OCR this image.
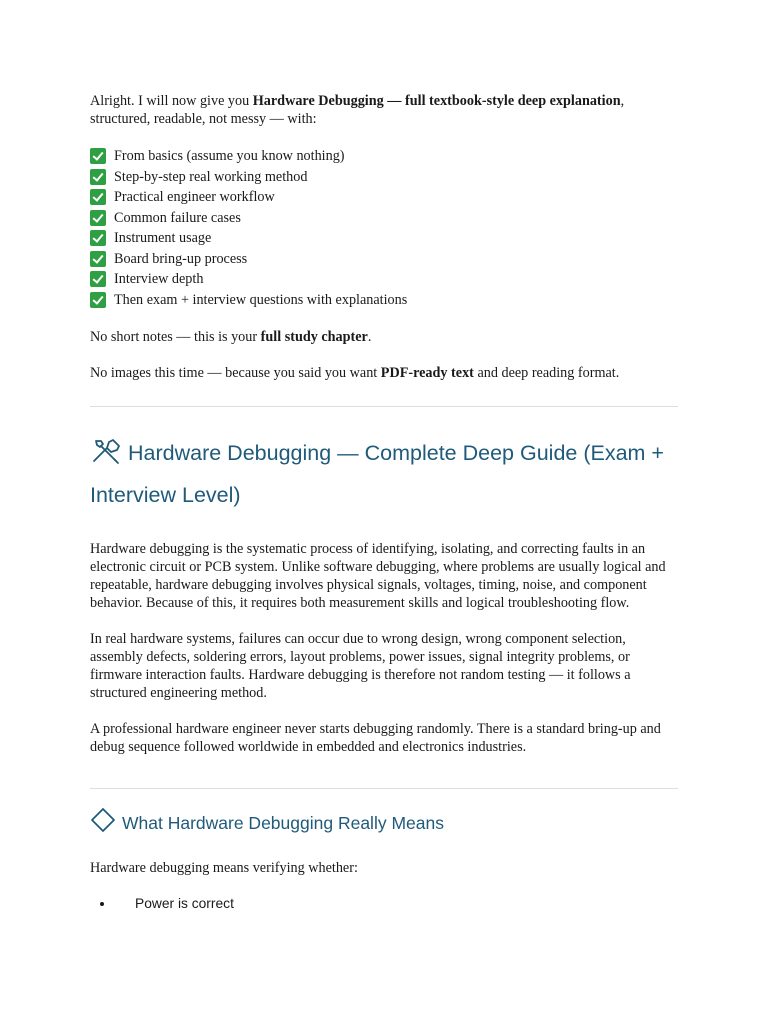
Alright. I will now give you Hardware Debugging — full textbook-style deep explanation, structured, readable, not messy — with:

From basics (assume you know nothing)
Step-by-step real working method
Practical engineer workflow
Common failure cases
Instrument usage
Board bring-up process
Interview depth
Then exam + interview questions with explanations

No short notes — this is your full study chapter.

No images this time — because you said you want PDF-ready text and deep reading format.

Hardware Debugging — Complete Deep Guide (Exam + Interview Level)

Hardware debugging is the systematic process of identifying, isolating, and correcting faults in an electronic circuit or PCB system. Unlike software debugging, where problems are usually logical and repeatable, hardware debugging involves physical signals, voltages, timing, noise, and component behavior. Because of this, it requires both measurement skills and logical troubleshooting flow.

In real hardware systems, failures can occur due to wrong design, wrong component selection, assembly defects, soldering errors, layout problems, power issues, signal integrity problems, or firmware interaction faults. Hardware debugging is therefore not random testing — it follows a structured engineering method.

A professional hardware engineer never starts debugging randomly. There is a standard bring-up and debug sequence followed worldwide in embedded and electronics industries.

What Hardware Debugging Really Means

Hardware debugging means verifying whether:

• Power is correct
